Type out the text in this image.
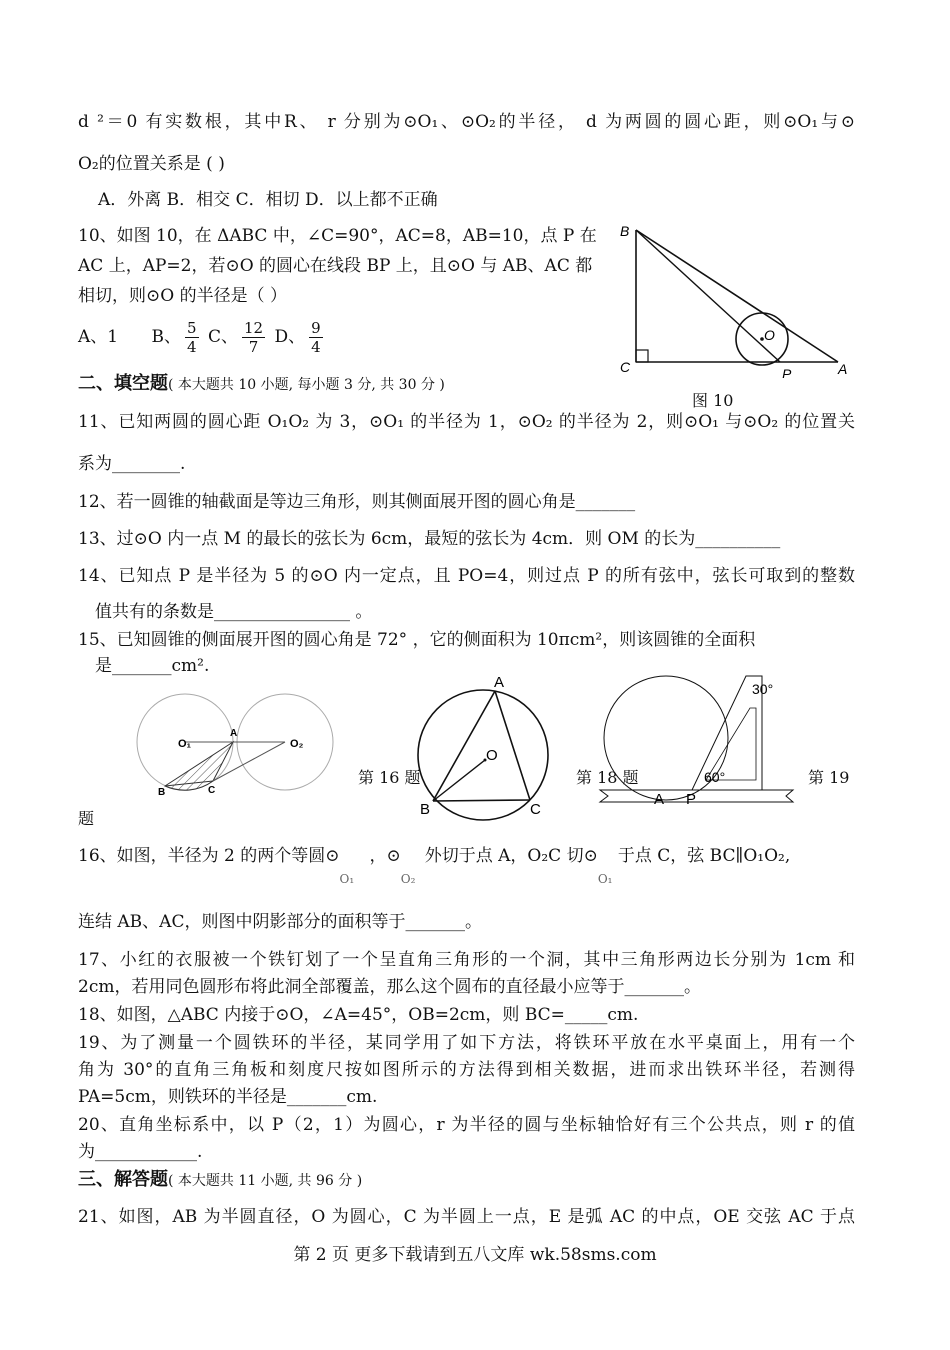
d ²＝0 有实数根，其中R、 r 分别为⊙O₁、⊙O₂的半径， d 为两圆的圆心距，则⊙O₁与⊙
O₂的位置关系是 ( )
A．外离 B．相交 C．相切 D．以上都不正确
10、如图 10，在 ΔABC 中，∠C=90°，AC=8，AB=10，点 P 在
AC 上，AP=2，若⊙O 的圆心在线段 BP 上，且⊙O 与 AB、AC 都
相切，则⊙O 的半径是（ ）
A、1 B、 $\frac{5}{4}$ C、 $\frac{12}{7}$ D、 $\frac{9}{4}$
B
C	A
O
P
图 10
二、填空题( 本大题共 10 小题, 每小题 3 分, 共 30 分 )
11、已知两圆的圆心距 O₁O₂ 为 3，⊙O₁ 的半径为 1，⊙O₂ 的半径为 2，则⊙O₁ 与⊙O₂ 的位置关
系为________.
12、若一圆锥的轴截面是等边三角形，则其侧面展开图的圆心角是_______
13、过⊙O 内一点 M 的最长的弦长为 6cm，最短的弦长为 4cm．则 OM 的长为__________
14、已知点 P 是半径为 5 的⊙O 内一定点，且 PO=4，则过点 P 的所有弦中，弦长可取到的整数
值共有的条数是________________ 。
15、已知圆锥的侧面展开图的圆心角是 72° ，它的侧面积为 10πcm²，则该圆锥的全面积
是_______cm².
O₁	O₂
A
B	C
第 16 题
A
O
B	C
第 18 题
30°
60°
A P
第 19
题
16、如图，半径为 2 的两个等圆⊙O₁，⊙O₂外切于点 A，O₂C 切⊙O₁于点 C，弦 BC∥O₁O₂,
连结 AB、AC，则图中阴影部分的面积等于_______。
17、小红的衣服被一个铁钉划了一个呈直角三角形的一个洞，其中三角形两边长分别为 1cm 和
2cm，若用同色圆形布将此洞全部覆盖，那么这个圆布的直径最小应等于_______。
18、如图，△ABC 内接于⊙O，∠A=45°，OB=2cm，则 BC=_____cm.
19、为了测量一个圆铁环的半径，某同学用了如下方法，将铁环平放在水平桌面上，用有一个
角为 30°的直角三角板和刻度尺按如图所示的方法得到相关数据，进而求出铁环半径，若测得
PA=5cm，则铁环的半径是_______cm.
20、直角坐标系中，以 P（2，1）为圆心，r 为半径的圆与坐标轴恰好有三个公共点，则 r 的值
为____________.
三、解答题( 本大题共 11 小题, 共 96 分 )
21、如图，AB 为半圆直径，O 为圆心，C 为半圆上一点，E 是弧 AC 的中点，OE 交弦 AC 于点
第 2 页 更多下载请到五八文库 wk.58sms.com
